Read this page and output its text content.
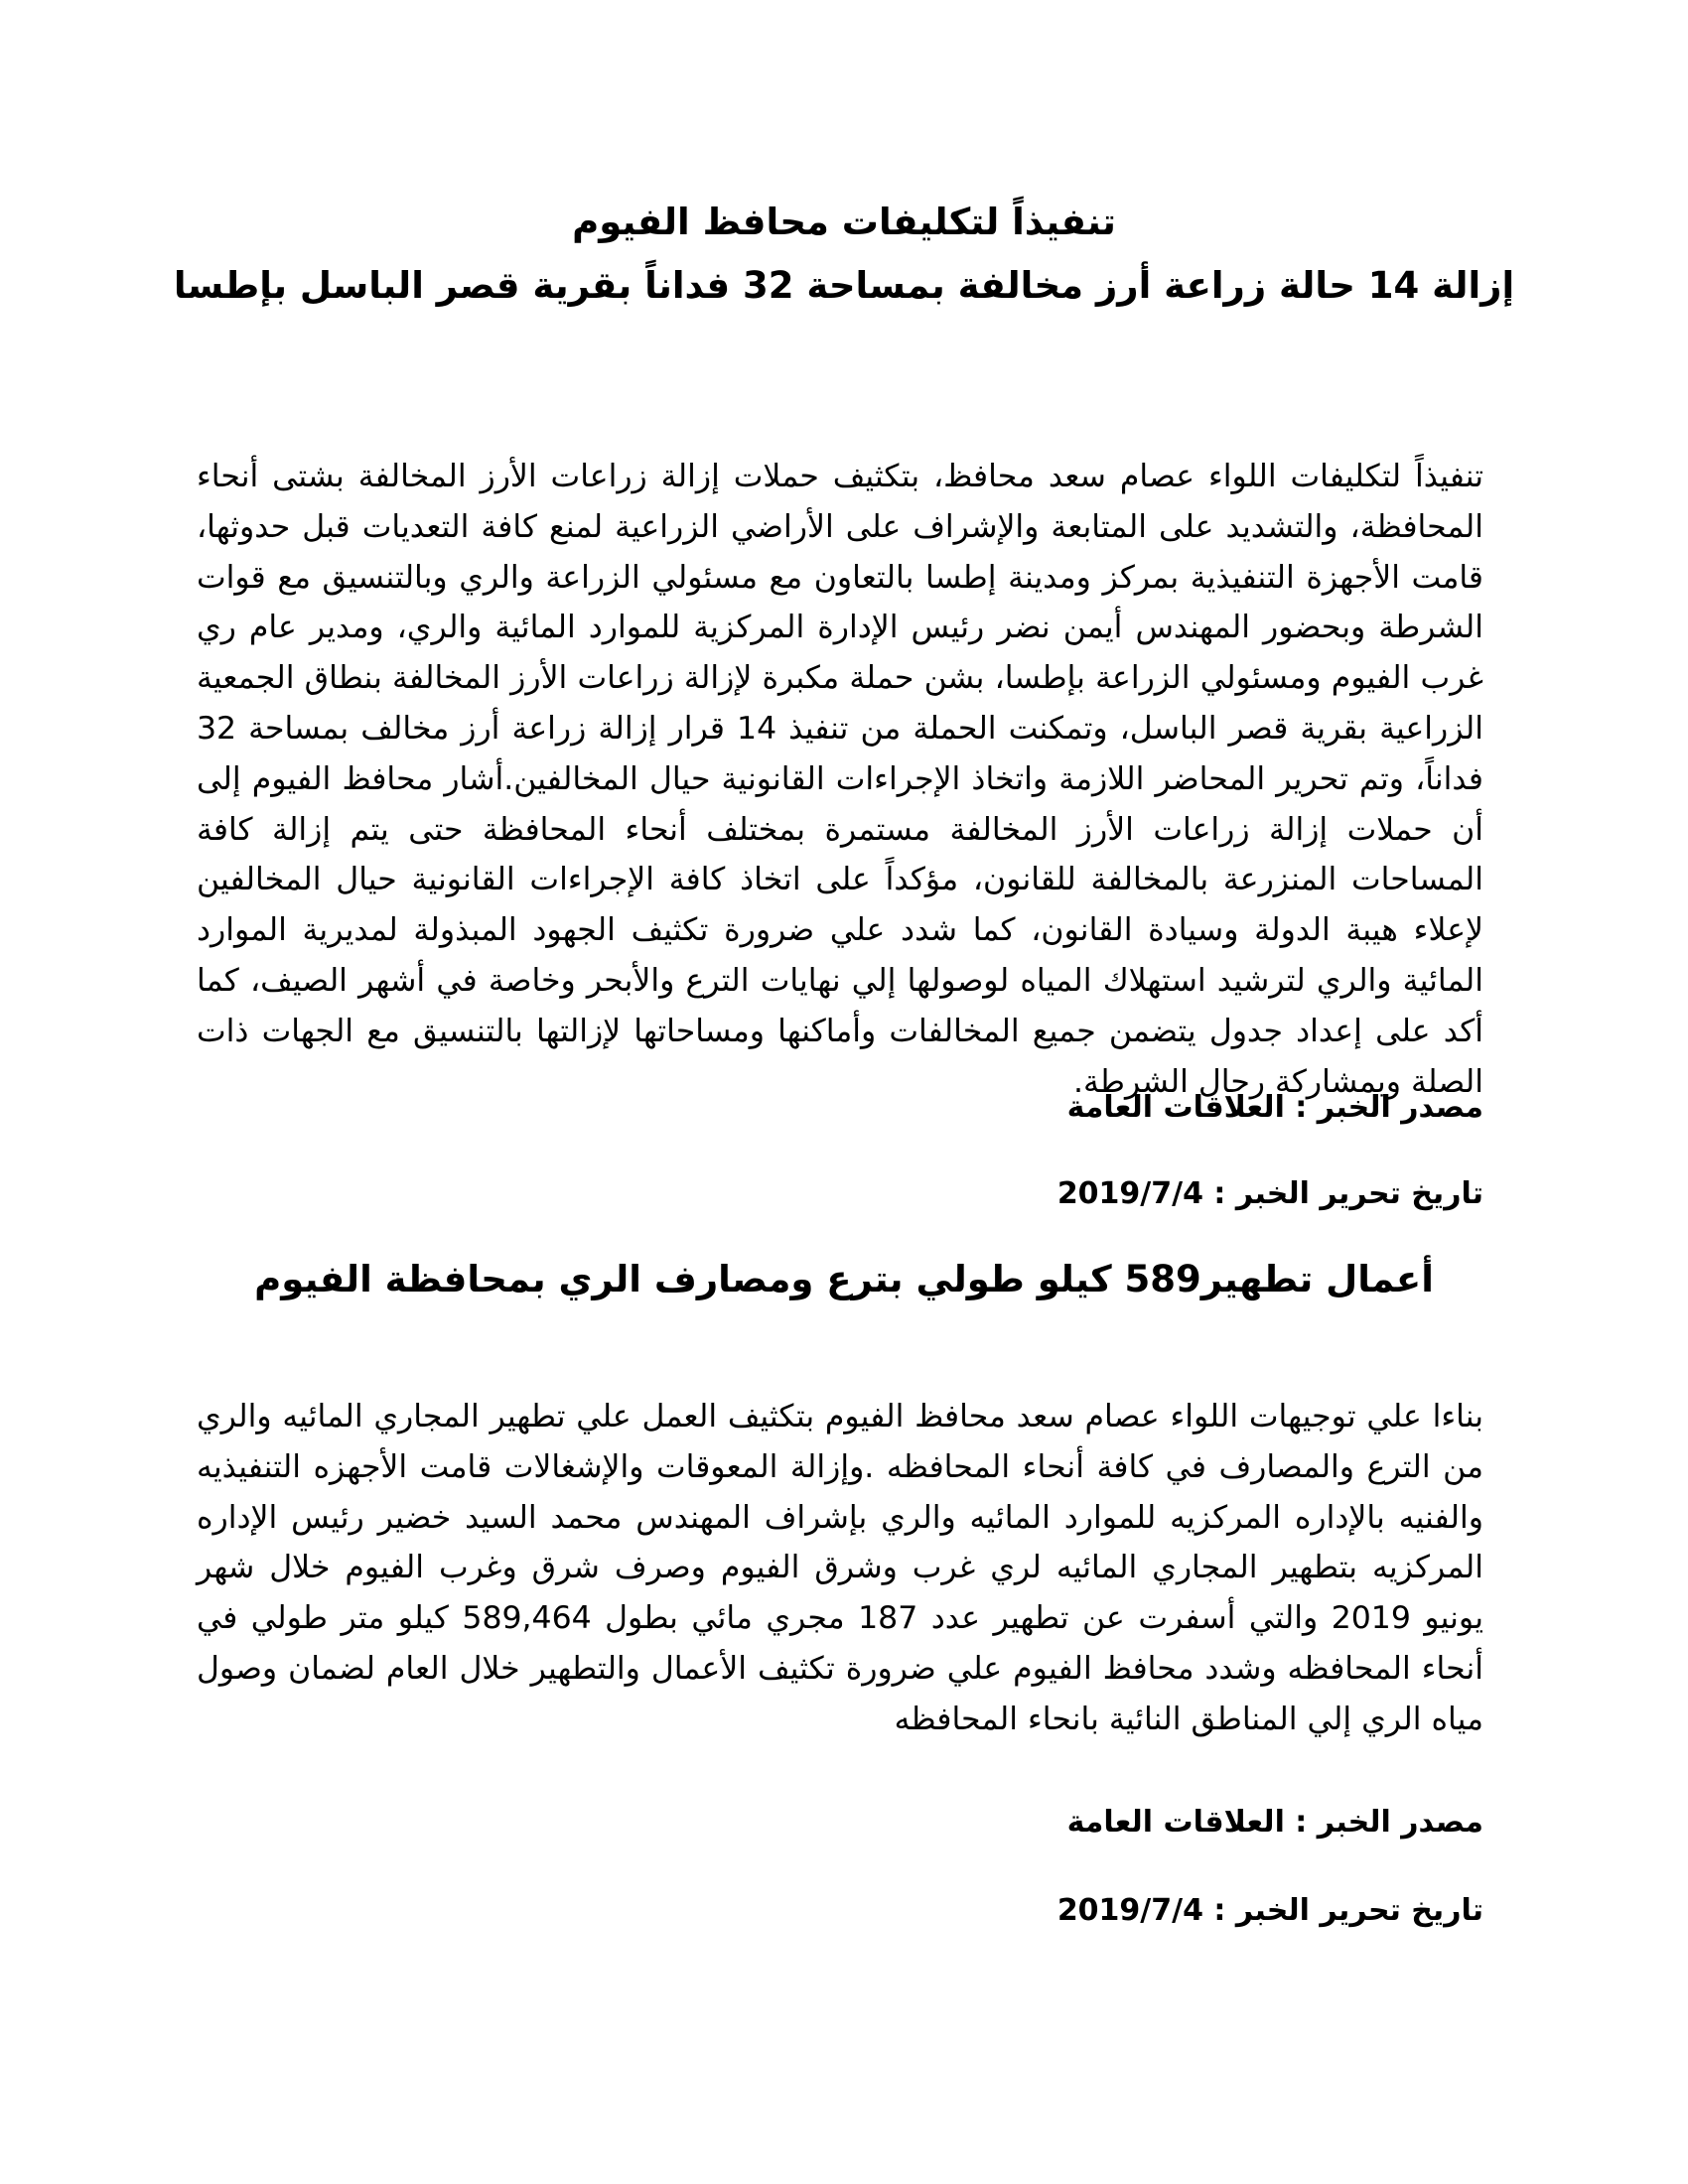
تنفيذاً لتكليفات محافظ الفيوم
إزالة 14 حالة زراعة أرز مخالفة بمساحة 32 فداناً بقرية قصر الباسل بإطسا

تنفيذاً لتكليفات اللواء عصام سعد محافظ، بتكثيف حملات إزالة زراعات الأرز المخالفة بشتى أنحاء المحافظة، والتشديد على المتابعة والإشراف على الأراضي الزراعية لمنع كافة التعديات قبل حدوثها، قامت الأجهزة التنفيذية بمركز ومدينة إطسا بالتعاون مع مسئولي الزراعة والري وبالتنسيق مع قوات الشرطة وبحضور المهندس أيمن نضر رئيس الإدارة المركزية للموارد المائية والري، ومدير عام ري غرب الفيوم ومسئولي الزراعة بإطسا، بشن حملة مكبرة لإزالة زراعات الأرز المخالفة بنطاق الجمعية الزراعية بقرية قصر الباسل، وتمكنت الحملة من تنفيذ 14 قرار إزالة زراعة أرز مخالف بمساحة 32 فداناً، وتم تحرير المحاضر اللازمة واتخاذ الإجراءات القانونية حيال المخالفين.أشار محافظ الفيوم إلى أن حملات إزالة زراعات الأرز المخالفة مستمرة بمختلف أنحاء المحافظة حتى يتم إزالة كافة المساحات المنزرعة بالمخالفة للقانون، مؤكداً على اتخاذ كافة الإجراءات القانونية حيال المخالفين لإعلاء هيبة الدولة وسيادة القانون، كما شدد علي ضرورة تكثيف الجهود المبذولة لمديرية الموارد المائية والري لترشيد استهلاك المياه لوصولها إلي نهايات الترع والأبحر وخاصة في أشهر الصيف، كما أكد على إعداد جدول يتضمن جميع المخالفات وأماكنها ومساحاتها لإزالتها بالتنسيق مع الجهات ذات الصلة وبمشاركة رجال الشرطة.

مصدر الخبر : العلاقات العامة

تاريخ تحرير الخبر : 2019/7/4

أعمال تطهير589 كيلو طولي بترع ومصارف الري بمحافظة الفيوم

بناءا علي توجيهات اللواء عصام سعد محافظ الفيوم بتكثيف العمل علي تطهير المجاري المائيه والري من الترع والمصارف في كافة أنحاء المحافظه .وإزالة المعوقات والإشغالات قامت الأجهزه التنفيذيه والفنيه بالإداره المركزيه للموارد المائيه والري بإشراف المهندس محمد السيد خضير رئيس الإداره المركزيه بتطهير المجاري المائيه لري غرب وشرق الفيوم وصرف شرق وغرب الفيوم خلال شهر يونيو 2019 والتي أسفرت عن تطهير عدد 187 مجري مائي بطول 589,464 كيلو متر طولي في أنحاء المحافظه وشدد محافظ الفيوم علي ضرورة تكثيف الأعمال والتطهير خلال العام لضمان وصول مياه الري إلي المناطق النائية بانحاء المحافظه

مصدر الخبر : العلاقات العامة

تاريخ تحرير الخبر : 2019/7/4
